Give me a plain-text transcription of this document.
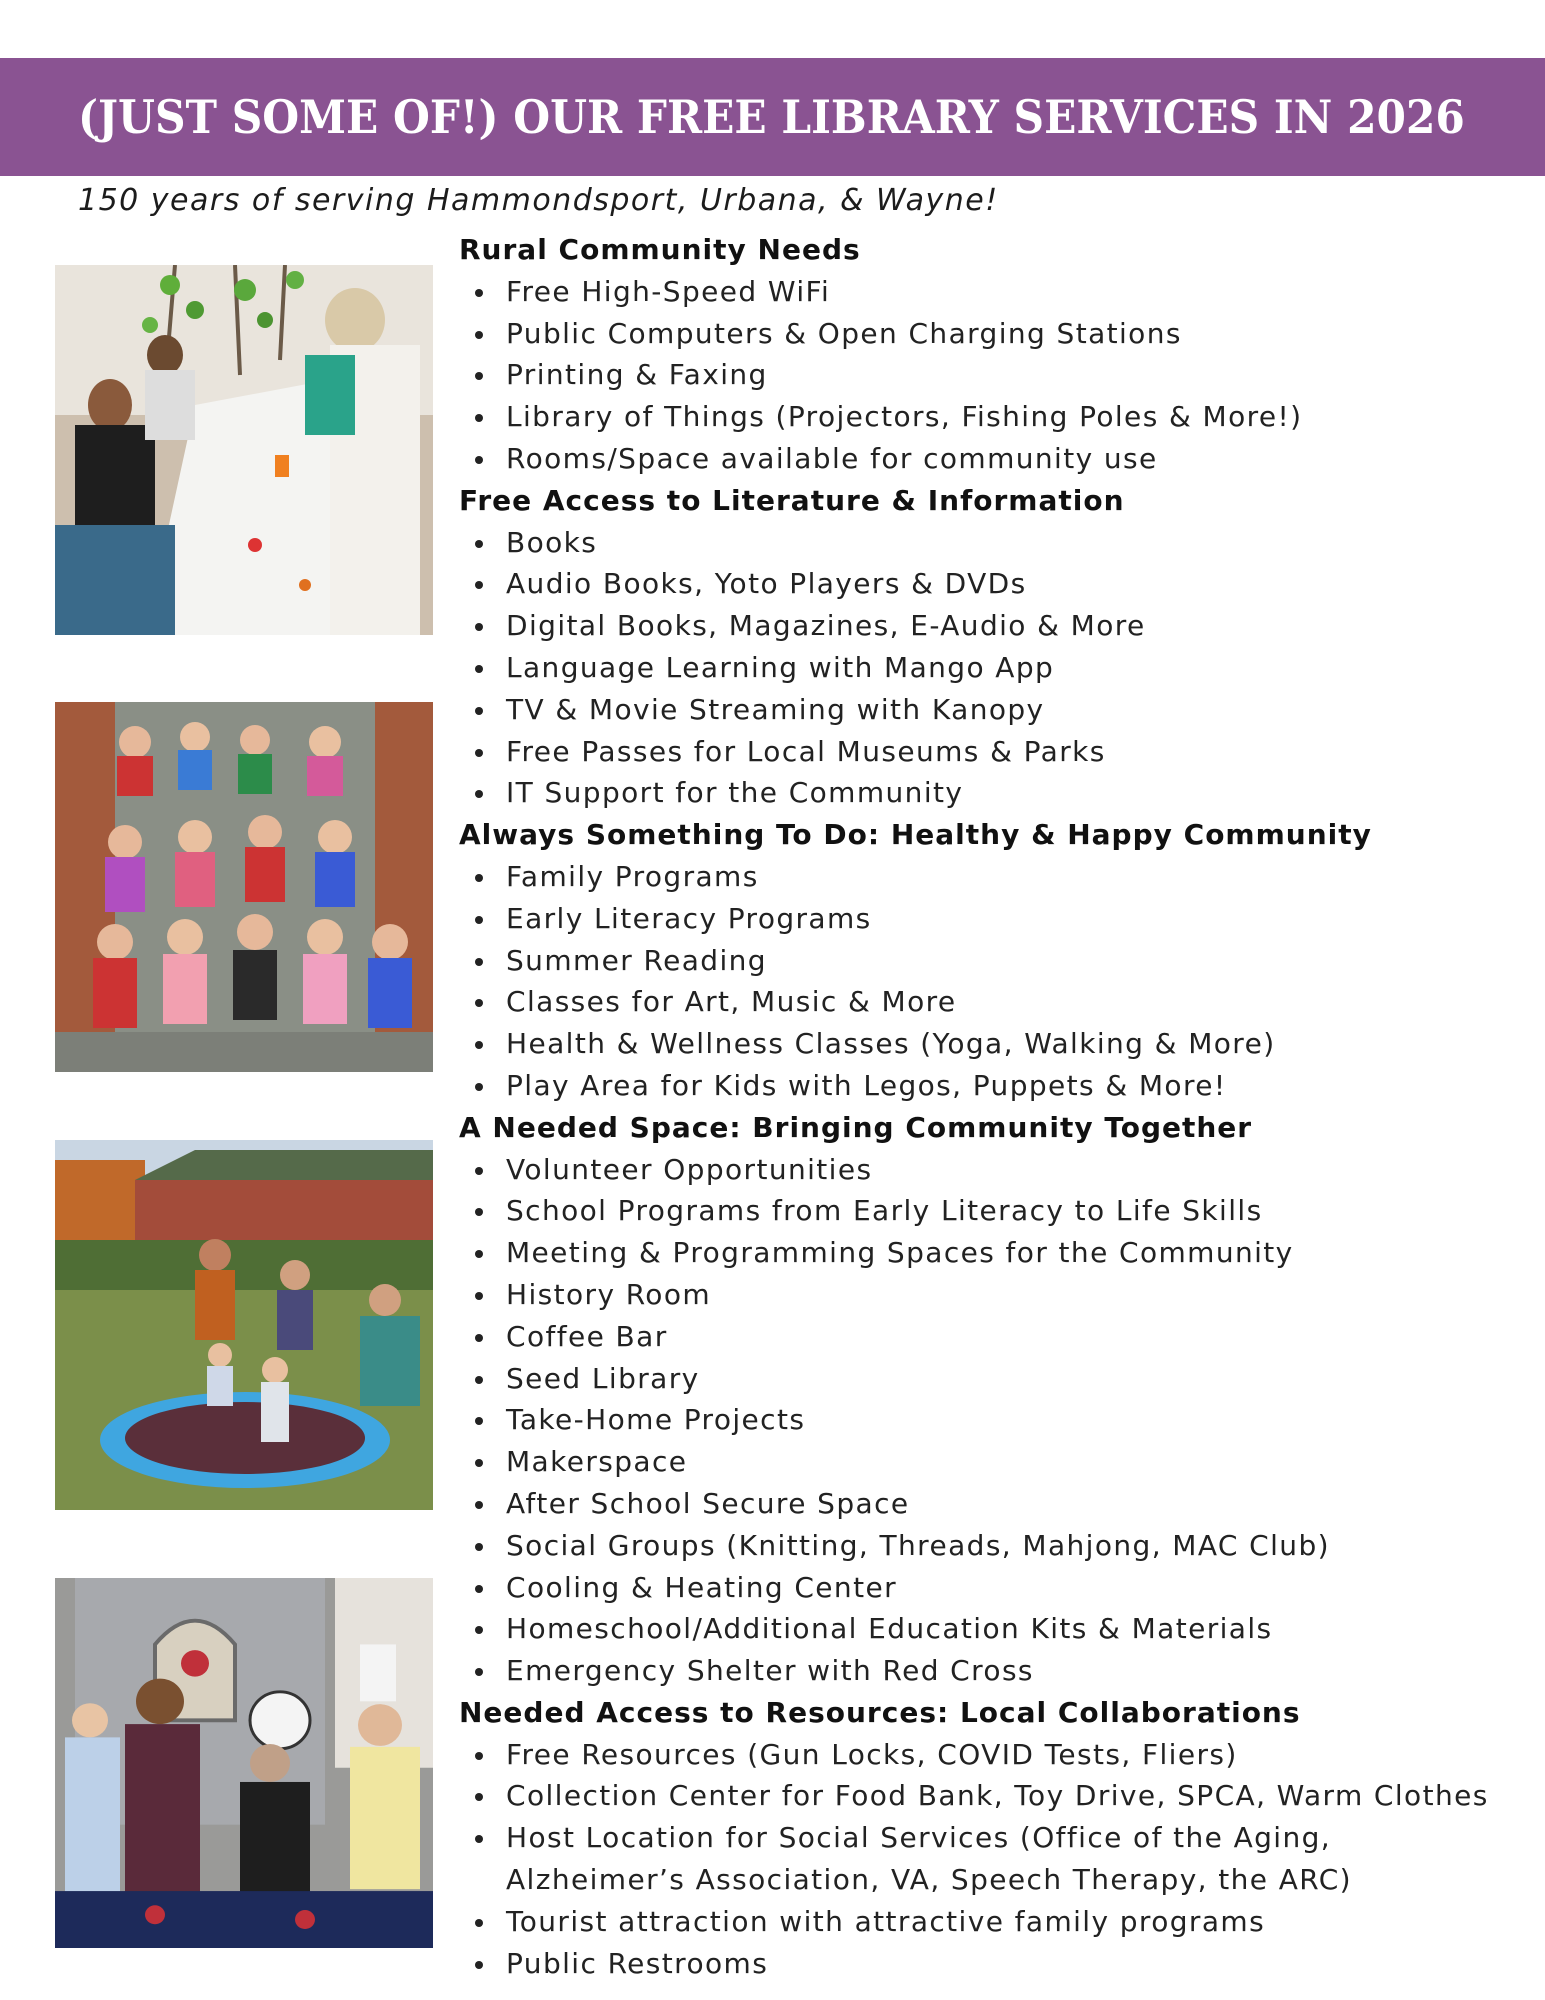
(JUST SOME OF!) OUR FREE LIBRARY SERVICES IN 2026
150 years of serving Hammondsport, Urbana, & Wayne!
Rural Community Needs
Free High-Speed WiFi
Public Computers & Open Charging Stations
Printing & Faxing
Library of Things (Projectors, Fishing Poles & More!)
Rooms/Space available for community use
Free Access to Literature & Information
Books
Audio Books, Yoto Players & DVDs
Digital Books, Magazines, E-Audio & More
Language Learning with Mango App
TV & Movie Streaming with Kanopy
Free Passes for Local Museums & Parks
IT Support for the Community
Always Something To Do: Healthy & Happy Community
Family Programs
Early Literacy Programs
Summer Reading
Classes for Art, Music & More
Health & Wellness Classes (Yoga, Walking & More)
Play Area for Kids with Legos, Puppets & More!
A Needed Space: Bringing Community Together
Volunteer Opportunities
School Programs from Early Literacy to Life Skills
Meeting & Programming Spaces for the Community
History Room
Coffee Bar
Seed Library
Take-Home Projects
Makerspace
After School Secure Space
Social Groups (Knitting, Threads, Mahjong, MAC Club)
Cooling & Heating Center
Homeschool/Additional Education Kits & Materials
Emergency Shelter with Red Cross
Needed Access to Resources: Local Collaborations
Free Resources (Gun Locks, COVID Tests, Fliers)
Collection Center for Food Bank, Toy Drive, SPCA, Warm Clothes
Host Location for Social Services (Office of the Aging, Alzheimer’s Association, VA, Speech Therapy, the ARC)
Tourist attraction with attractive family programs
Public Restrooms
